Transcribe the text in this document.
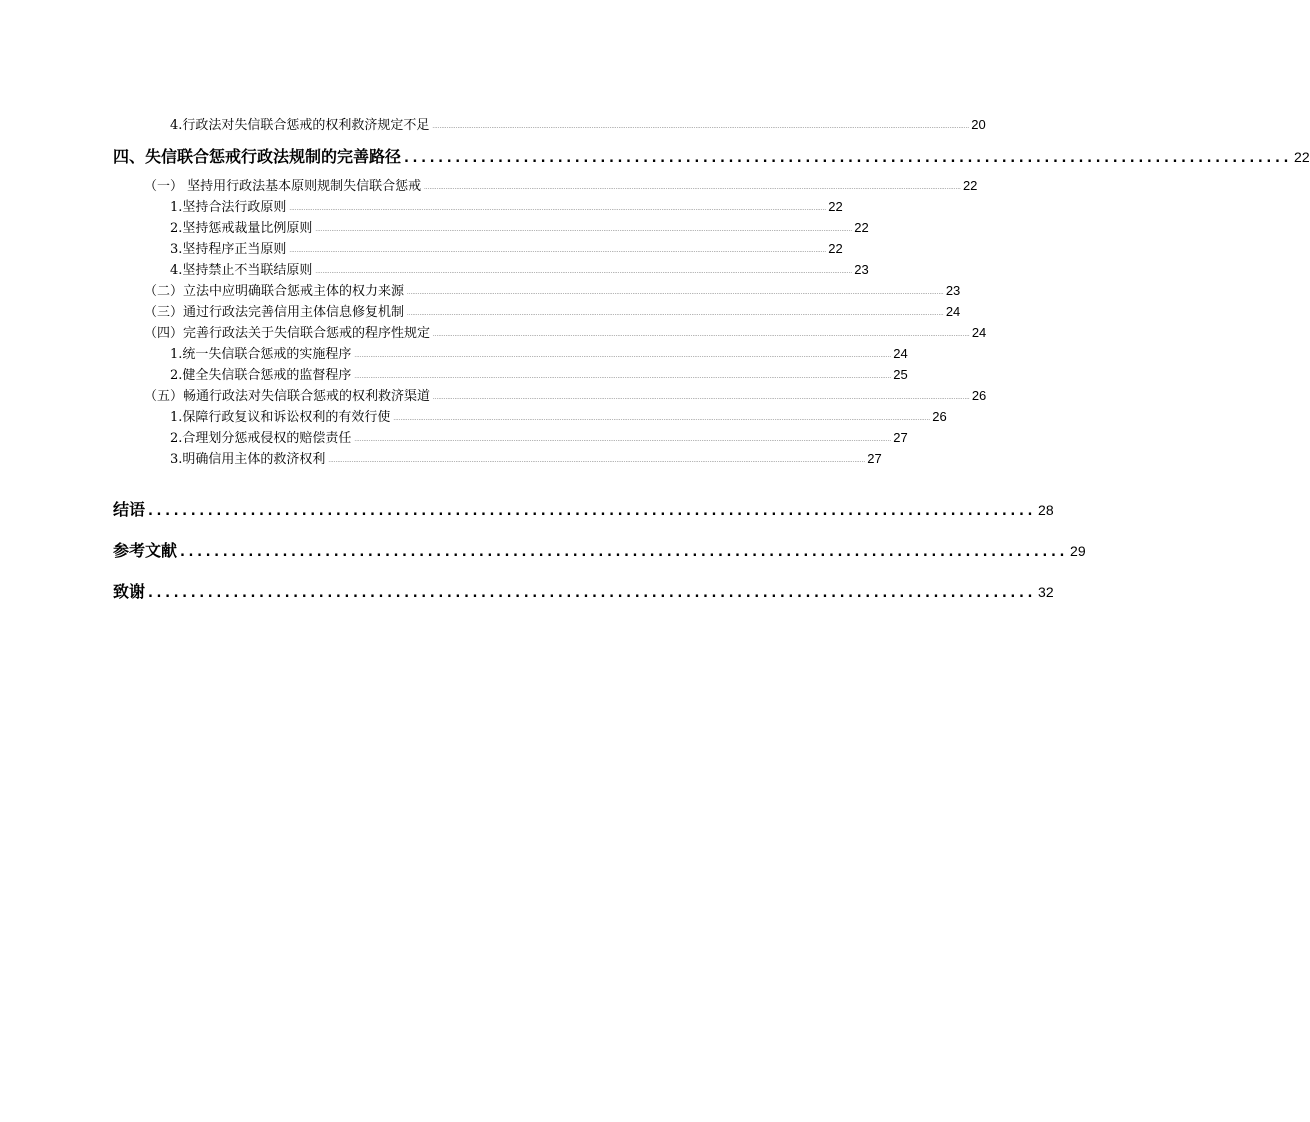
4.行政法对失信联合惩戒的权利救济规定不足 ............................................................................................................................................................................................................................................................................................................ 20
四、失信联合惩戒行政法规制的完善路径 ........................................................................................................ 22
（一） 坚持用行政法基本原则规制失信联合惩戒 ............................................................................................................................................................................................................................................................................................................ 22
1.坚持合法行政原则 ............................................................................................................................................................................................................................................................................................................ 22
2.坚持惩戒裁量比例原则 ............................................................................................................................................................................................................................................................................................................ 22
3.坚持程序正当原则 ............................................................................................................................................................................................................................................................................................................ 22
4.坚持禁止不当联结原则 ............................................................................................................................................................................................................................................................................................................ 23
（二）立法中应明确联合惩戒主体的权力来源 ............................................................................................................................................................................................................................................................................................................ 23
（三）通过行政法完善信用主体信息修复机制 ............................................................................................................................................................................................................................................................................................................ 24
（四）完善行政法关于失信联合惩戒的程序性规定 ............................................................................................................................................................................................................................................................................................................ 24
1.统一失信联合惩戒的实施程序 ............................................................................................................................................................................................................................................................................................................ 24
2.健全失信联合惩戒的监督程序 ............................................................................................................................................................................................................................................................................................................ 25
（五）畅通行政法对失信联合惩戒的权利救济渠道 ............................................................................................................................................................................................................................................................................................................ 26
1.保障行政复议和诉讼权利的有效行使 ............................................................................................................................................................................................................................................................................................................ 26
2.合理划分惩戒侵权的赔偿责任 ............................................................................................................................................................................................................................................................................................................ 27
3.明确信用主体的救济权利 ............................................................................................................................................................................................................................................................................................................ 27
结语 ........................................................................................................ 28
参考文献 ........................................................................................................ 29
致谢 ........................................................................................................ 32
